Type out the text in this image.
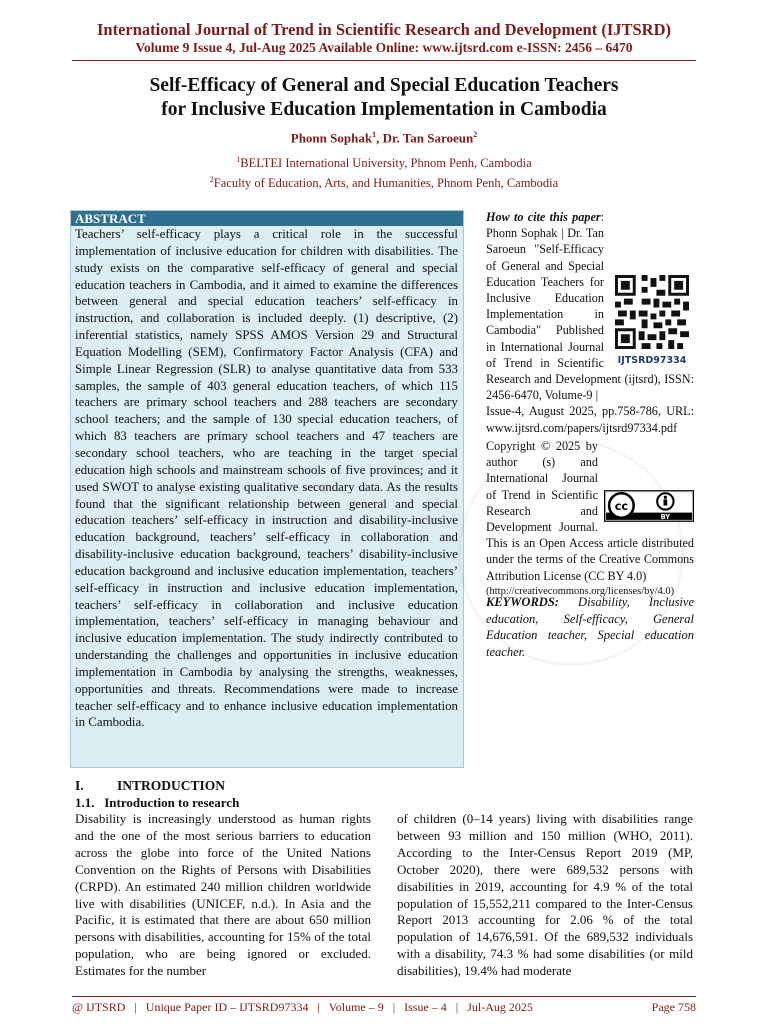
International Journal of Trend in Scientific Research and Development (IJTSRD)
Volume 9 Issue 4, Jul-Aug 2025 Available Online: www.ijtsrd.com e-ISSN: 2456 – 6470
Self-Efficacy of General and Special Education Teachers
for Inclusive Education Implementation in Cambodia
Phonn Sophak$^1$, Dr. Tan Saroeun$^2$
$^1$BELTEI International University, Phnom Penh, Cambodia
$^2$Faculty of Education, Arts, and Humanities, Phnom Penh, Cambodia
ABSTRACT

Teachers’ self-efficacy plays a critical role in the successful implementation of inclusive education for children with disabilities. The study exists on the comparative self-efficacy of general and special education teachers in Cambodia, and it aimed to examine the differences between general and special education teachers’ self-efficacy in instruction, and collaboration is included deeply. (1) descriptive, (2) inferential statistics, namely SPSS AMOS Version 29 and Structural Equation Modelling (SEM), Confirmatory Factor Analysis (CFA) and Simple Linear Regression (SLR) to analyse quantitative data from 533 samples, the sample of 403 general education teachers, of which 115 teachers are primary school teachers and 288 teachers are secondary school teachers; and the sample of 130 special education teachers, of which 83 teachers are primary school teachers and 47 teachers are secondary school teachers, who are teaching in the target special education high schools and mainstream schools of five provinces; and it used SWOT to analyse existing qualitative secondary data. As the results found that the significant relationship between general and special education teachers’ self-efficacy in instruction and disability-inclusive education background, teachers’ self-efficacy in collaboration and disability-inclusive education background, teachers’ disability-inclusive education background and inclusive education implementation, teachers’ self-efficacy in instruction and inclusive education implementation, teachers’ self-efficacy in collaboration and inclusive education implementation, teachers’ self-efficacy in managing behaviour and inclusive education implementation. The study indirectly contributed to understanding the challenges and opportunities in inclusive education implementation in Cambodia by analysing the strengths, weaknesses, opportunities and threats. Recommendations were made to increase teacher self-efficacy and to enhance inclusive education implementation in Cambodia.

How to cite this paper:
IJTSRD97334
Phonn Sophak | Dr. Tan Saroeun "Self-Efficacy of General and Special Education Teachers for Inclusive Education Implementation in Cambodia" Published in International Journal of Trend in Scientific Research and Development (ijtsrd), ISSN: 2456-6470, Volume-9 |
Issue-4, August 2025, pp.758-786, URL: www.ijtsrd.com/papers/ijtsrd97334.pdf
cc
BY
Copyright © 2025 by author (s) and International Journal of Trend in Scientific Research and Development Journal. This is an Open Access article distributed under the terms of the Creative Commons Attribution License (CC BY 4.0)
(http://creativecommons.org/licenses/by/4.0)
KEYWORDS: Disability, Inclusive education, Self-efficacy, General Education teacher, Special education teacher.
I. INTRODUCTION
1.1.   Introduction to research
Disability is increasingly understood as human rights and the one of the most serious barriers to education across the globe into force of the United Nations Convention on the Rights of Persons with Disabilities (CRPD). An estimated 240 million children worldwide live with disabilities (UNICEF, n.d.). In Asia and the Pacific, it is estimated that there are about 650 million persons with disabilities, accounting for 15% of the total population, who are being ignored or excluded. Estimates for the number
of children (0–14 years) living with disabilities range between 93 million and 150 million (WHO, 2011). According to the Inter-Census Report 2019 (MP, October 2020), there were 689,532 persons with disabilities in 2019, accounting for 4.9 % of the total population of 15,552,211 compared to the Inter-Census Report 2013 accounting for 2.06 % of the total population of 14,676,591. Of the 689,532 individuals with a disability, 74.3 % had some disabilities (or mild disabilities), 19.4% had moderate
@ IJTSRD   |   Unique Paper ID – IJTSRD97334   |   Volume – 9   |   Issue – 4   |   Jul-Aug 2025	Page 758
